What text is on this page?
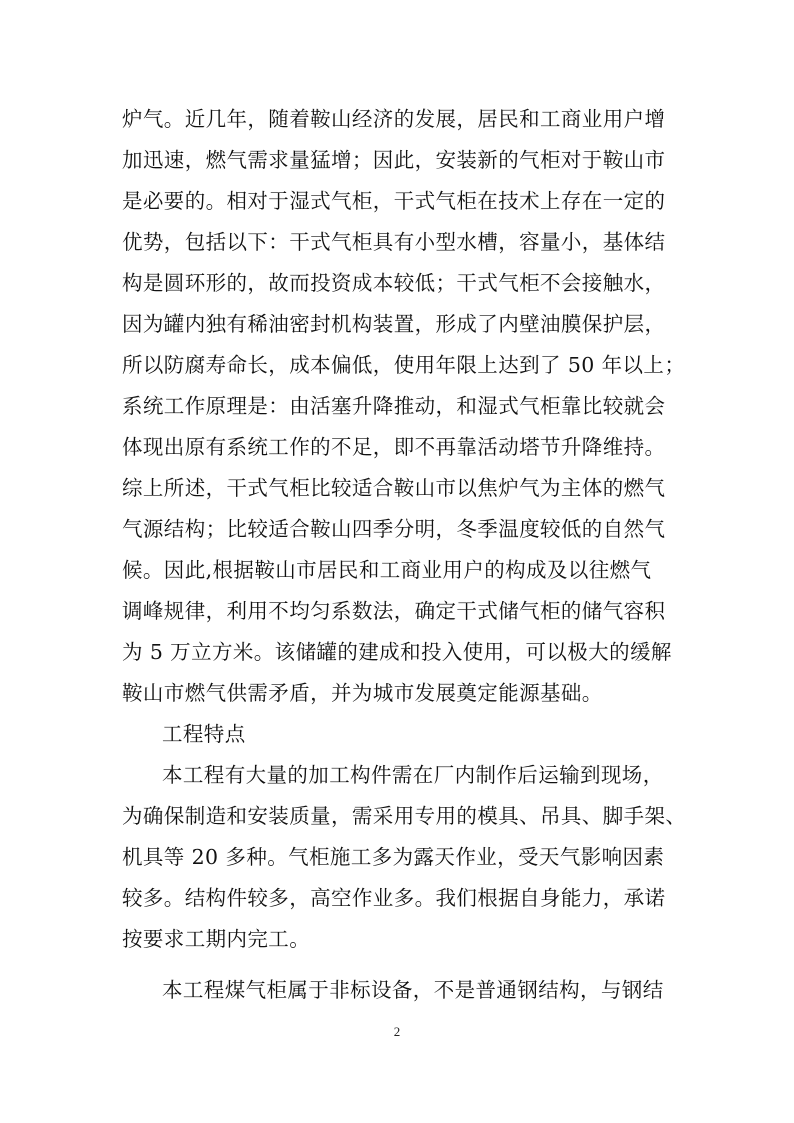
炉气。近几年，随着鞍山经济的发展，居民和工商业用户增
加迅速，燃气需求量猛增；因此，安装新的气柜对于鞍山市
是必要的。相对于湿式气柜，干式气柜在技术上存在一定的
优势，包括以下：干式气柜具有小型水槽，容量小，基体结
构是圆环形的，故而投资成本较低；干式气柜不会接触水，
因为罐内独有稀油密封机构装置，形成了内壁油膜保护层，
所以防腐寿命长，成本偏低，使用年限上达到了 50 年以上；
系统工作原理是：由活塞升降推动，和湿式气柜靠比较就会
体现出原有系统工作的不足，即不再靠活动塔节升降维持。
综上所述，干式气柜比较适合鞍山市以焦炉气为主体的燃气
气源结构；比较适合鞍山四季分明，冬季温度较低的自然气
候。因此,根据鞍山市居民和工商业用户的构成及以往燃气
调峰规律，利用不均匀系数法，确定干式储气柜的储气容积
为 5 万立方米。该储罐的建成和投入使用，可以极大的缓解
鞍山市燃气供需矛盾，并为城市发展奠定能源基础。
工程特点
本工程有大量的加工构件需在厂内制作后运输到现场，
为确保制造和安装质量，需采用专用的模具、吊具、脚手架、
机具等 20 多种。气柜施工多为露天作业，受天气影响因素
较多。结构件较多，高空作业多。我们根据自身能力，承诺
按要求工期内完工。
本工程煤气柜属于非标设备，不是普通钢结构，与钢结
2
